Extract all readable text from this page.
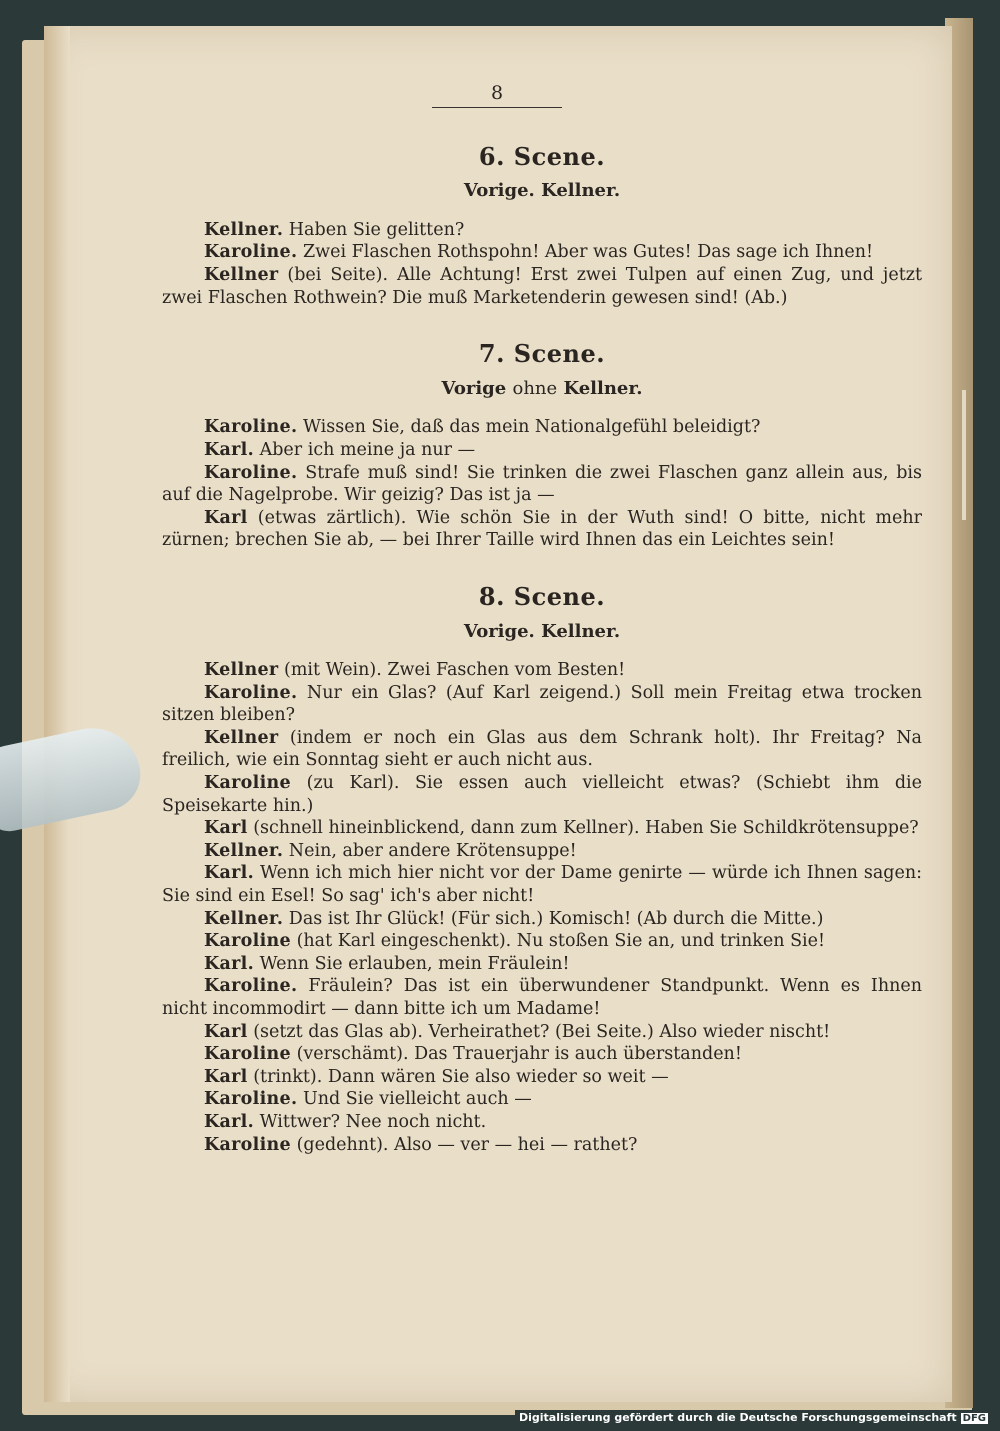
8
6. Scene.
Vorige. Kellner.

Kellner. Haben Sie gelitten?

Karoline. Zwei Flaschen Rothspohn! Aber was Gutes! Das sage ich Ihnen!

Kellner (bei Seite). Alle Achtung! Erst zwei Tulpen auf einen Zug, und jetzt zwei Flaschen Rothwein? Die muß Marketenderin gewesen sind! (Ab.)

7. Scene.
Vorige ohne Kellner.

Karoline. Wissen Sie, daß das mein Nationalgefühl beleidigt?

Karl. Aber ich meine ja nur —

Karoline. Strafe muß sind! Sie trinken die zwei Flaschen ganz allein aus, bis auf die Nagelprobe. Wir geizig? Das ist ja —

Karl (etwas zärtlich). Wie schön Sie in der Wuth sind! O bitte, nicht mehr zürnen; brechen Sie ab, — bei Ihrer Taille wird Ihnen das ein Leichtes sein!

8. Scene.
Vorige. Kellner.

Kellner (mit Wein). Zwei Faschen vom Besten!

Karoline. Nur ein Glas? (Auf Karl zeigend.) Soll mein Freitag etwa trocken sitzen bleiben?

Kellner (indem er noch ein Glas aus dem Schrank holt). Ihr Freitag? Na freilich, wie ein Sonntag sieht er auch nicht aus.

Karoline (zu Karl). Sie essen auch vielleicht etwas? (Schiebt ihm die Speisekarte hin.)

Karl (schnell hineinblickend, dann zum Kellner). Haben Sie Schildkrötensuppe?

Kellner. Nein, aber andere Krötensuppe!

Karl. Wenn ich mich hier nicht vor der Dame genirte — würde ich Ihnen sagen: Sie sind ein Esel! So sag' ich's aber nicht!

Kellner. Das ist Ihr Glück! (Für sich.) Komisch! (Ab durch die Mitte.)

Karoline (hat Karl eingeschenkt). Nu stoßen Sie an, und trinken Sie!

Karl. Wenn Sie erlauben, mein Fräulein!

Karoline. Fräulein? Das ist ein überwundener Standpunkt. Wenn es Ihnen nicht incommodirt — dann bitte ich um Madame!

Karl (setzt das Glas ab). Verheirathet? (Bei Seite.) Also wieder nischt!

Karoline (verschämt). Das Trauerjahr is auch überstanden!

Karl (trinkt). Dann wären Sie also wieder so weit —

Karoline. Und Sie vielleicht auch —

Karl. Wittwer? Nee noch nicht.

Karoline (gedehnt). Also — ver — hei — rathet?

Digitalisierung gefördert durch die Deutsche Forschungsgemeinschaft DFG
